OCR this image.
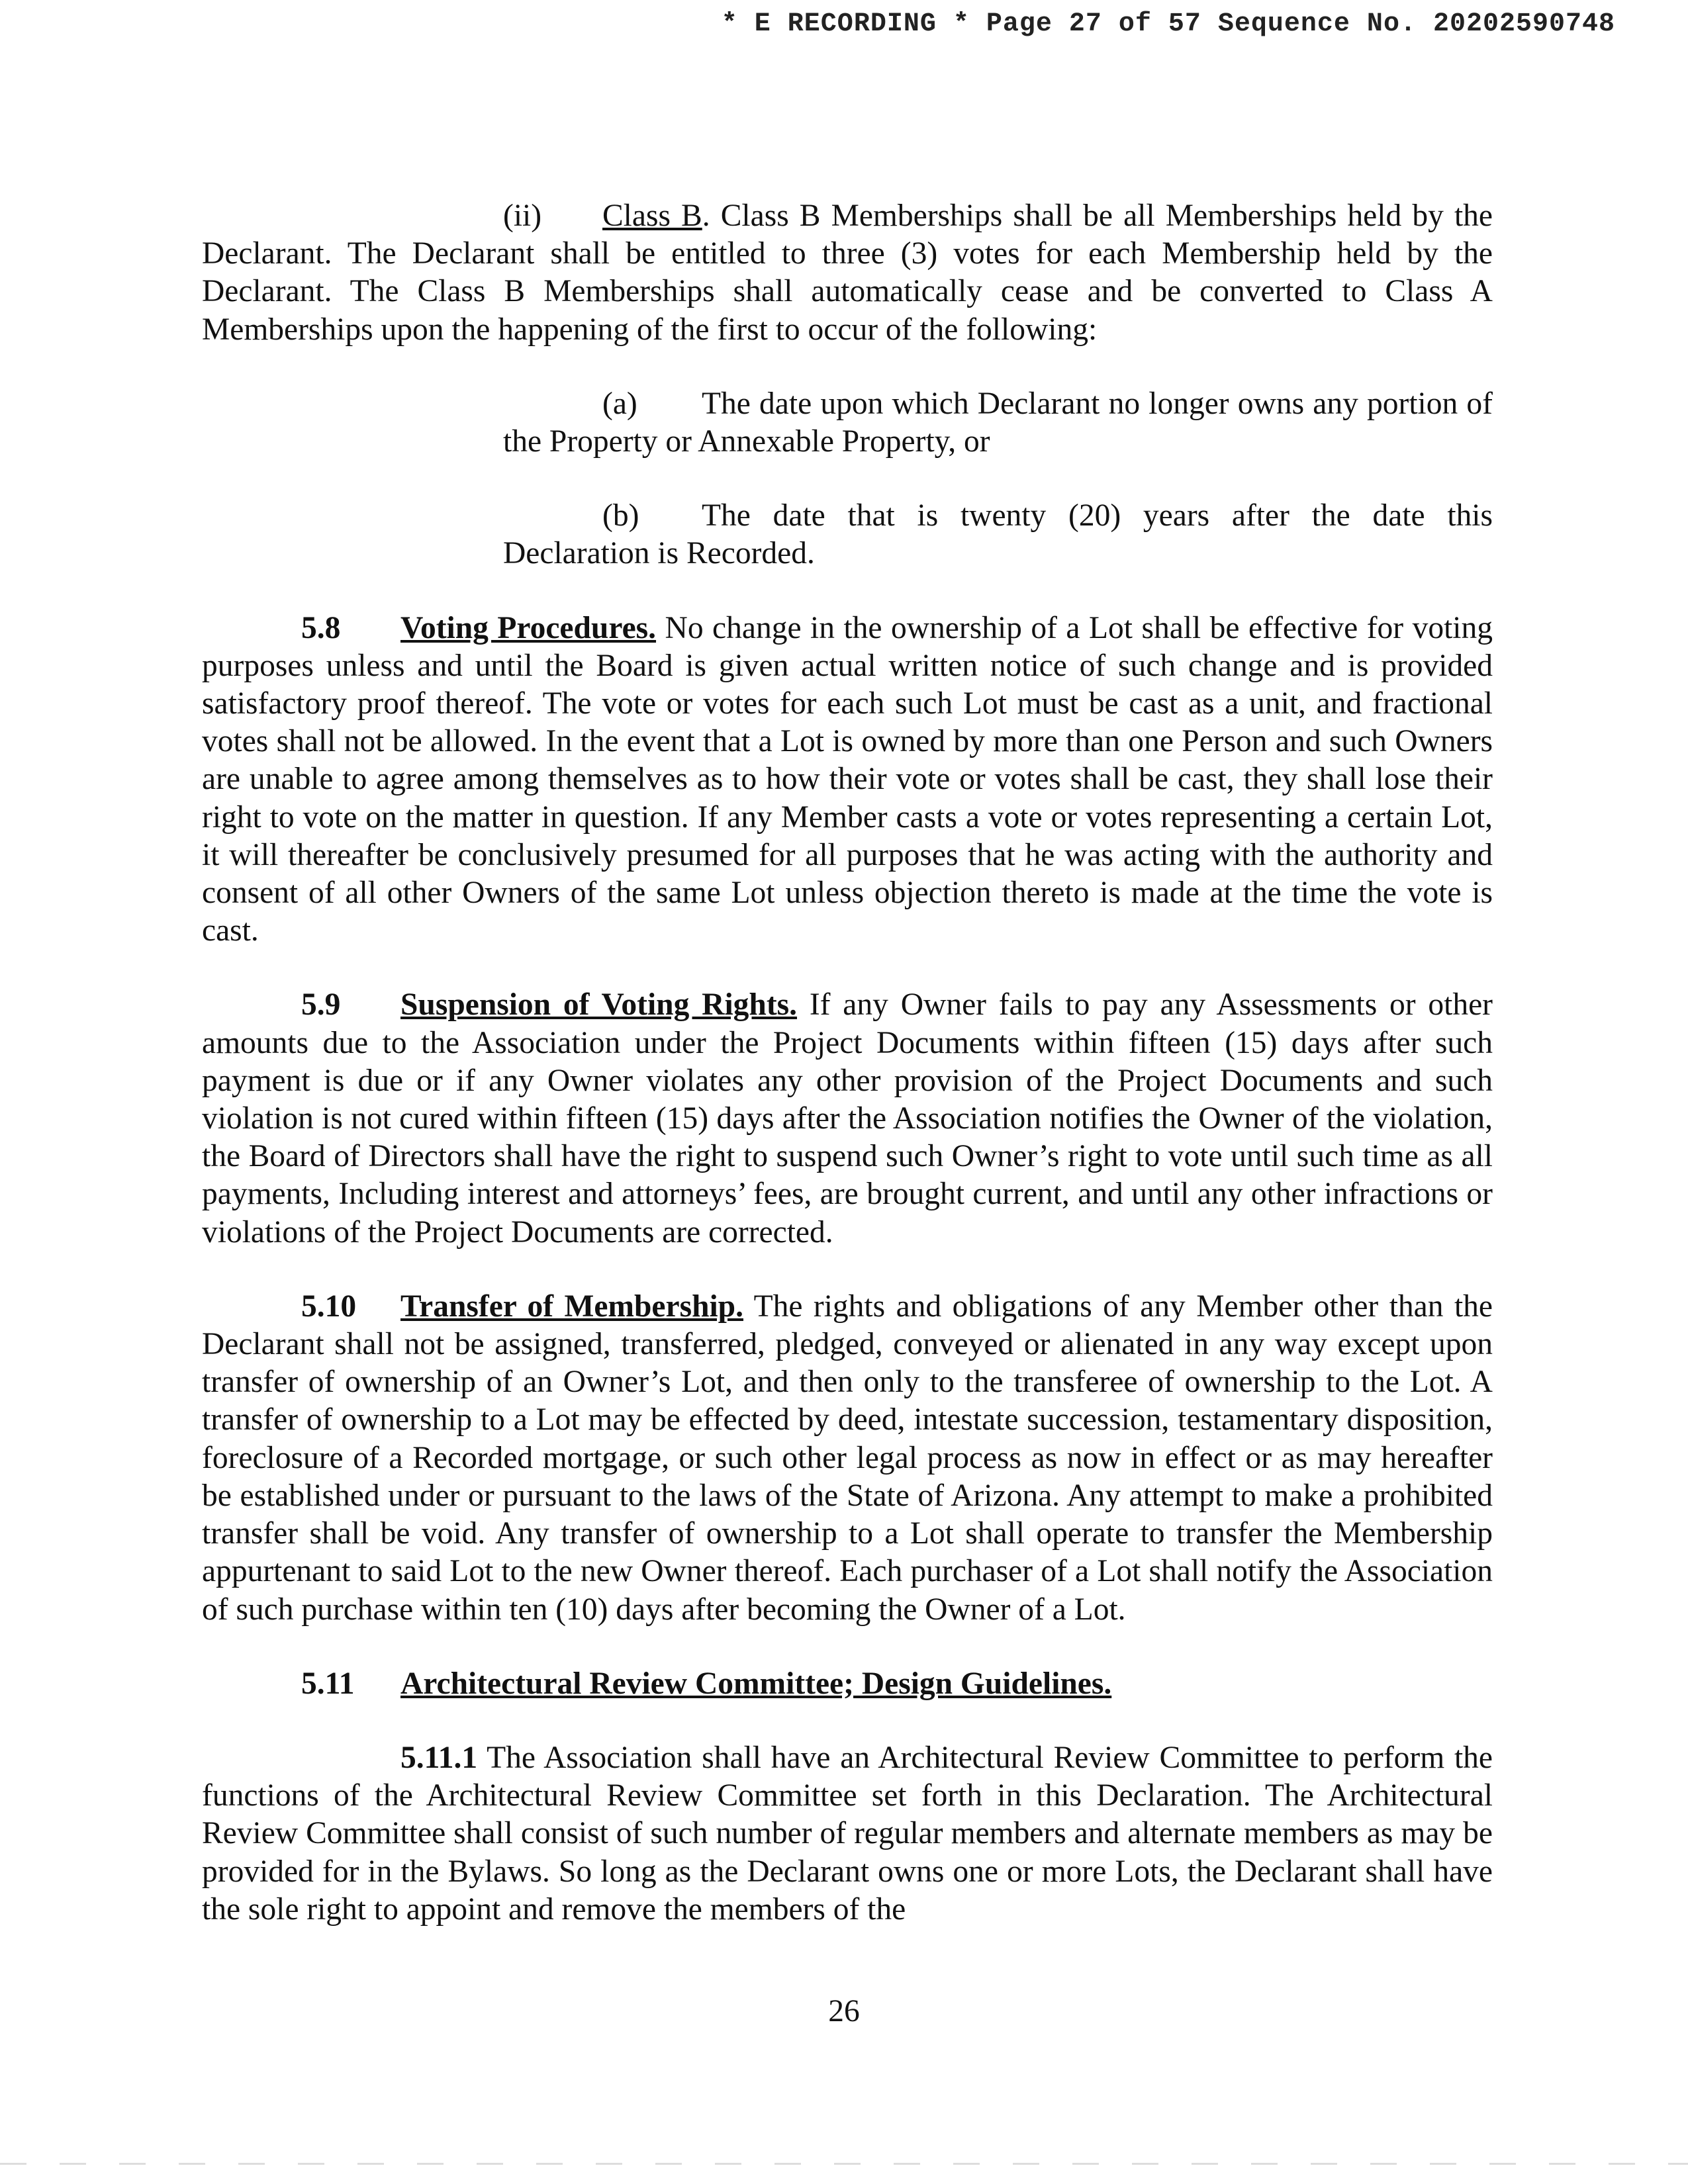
* E RECORDING * Page 27 of 57 Sequence No. 20202590748

(ii) Class B. Class B Memberships shall be all Memberships held by the Declarant. The Declarant shall be entitled to three (3) votes for each Membership held by the Declarant. The Class B Memberships shall automatically cease and be converted to Class A Memberships upon the happening of the first to occur of the following:

(a) The date upon which Declarant no longer owns any portion of the Property or Annexable Property, or

(b) The date that is twenty (20) years after the date this Declaration is Recorded.

5.8 Voting Procedures. No change in the ownership of a Lot shall be effective for voting purposes unless and until the Board is given actual written notice of such change and is provided satisfactory proof thereof. The vote or votes for each such Lot must be cast as a unit, and fractional votes shall not be allowed. In the event that a Lot is owned by more than one Person and such Owners are unable to agree among themselves as to how their vote or votes shall be cast, they shall lose their right to vote on the matter in question. If any Member casts a vote or votes representing a certain Lot, it will thereafter be conclusively presumed for all purposes that he was acting with the authority and consent of all other Owners of the same Lot unless objection thereto is made at the time the vote is cast.

5.9 Suspension of Voting Rights. If any Owner fails to pay any Assessments or other amounts due to the Association under the Project Documents within fifteen (15) days after such payment is due or if any Owner violates any other provision of the Project Documents and such violation is not cured within fifteen (15) days after the Association notifies the Owner of the violation, the Board of Directors shall have the right to suspend such Owner’s right to vote until such time as all payments, Including interest and attorneys’ fees, are brought current, and until any other infractions or violations of the Project Documents are corrected.

5.10 Transfer of Membership. The rights and obligations of any Member other than the Declarant shall not be assigned, transferred, pledged, conveyed or alienated in any way except upon transfer of ownership of an Owner’s Lot, and then only to the transferee of ownership to the Lot. A transfer of ownership to a Lot may be effected by deed, intestate succession, testamentary disposition, foreclosure of a Recorded mortgage, or such other legal process as now in effect or as may hereafter be established under or pursuant to the laws of the State of Arizona. Any attempt to make a prohibited transfer shall be void. Any transfer of ownership to a Lot shall operate to transfer the Membership appurtenant to said Lot to the new Owner thereof. Each purchaser of a Lot shall notify the Association of such purchase within ten (10) days after becoming the Owner of a Lot.

5.11 Architectural Review Committee; Design Guidelines.

5.11.1 The Association shall have an Architectural Review Committee to perform the functions of the Architectural Review Committee set forth in this Declaration. The Architectural Review Committee shall consist of such number of regular members and alternate members as may be provided for in the Bylaws. So long as the Declarant owns one or more Lots, the Declarant shall have the sole right to appoint and remove the members of the

26
